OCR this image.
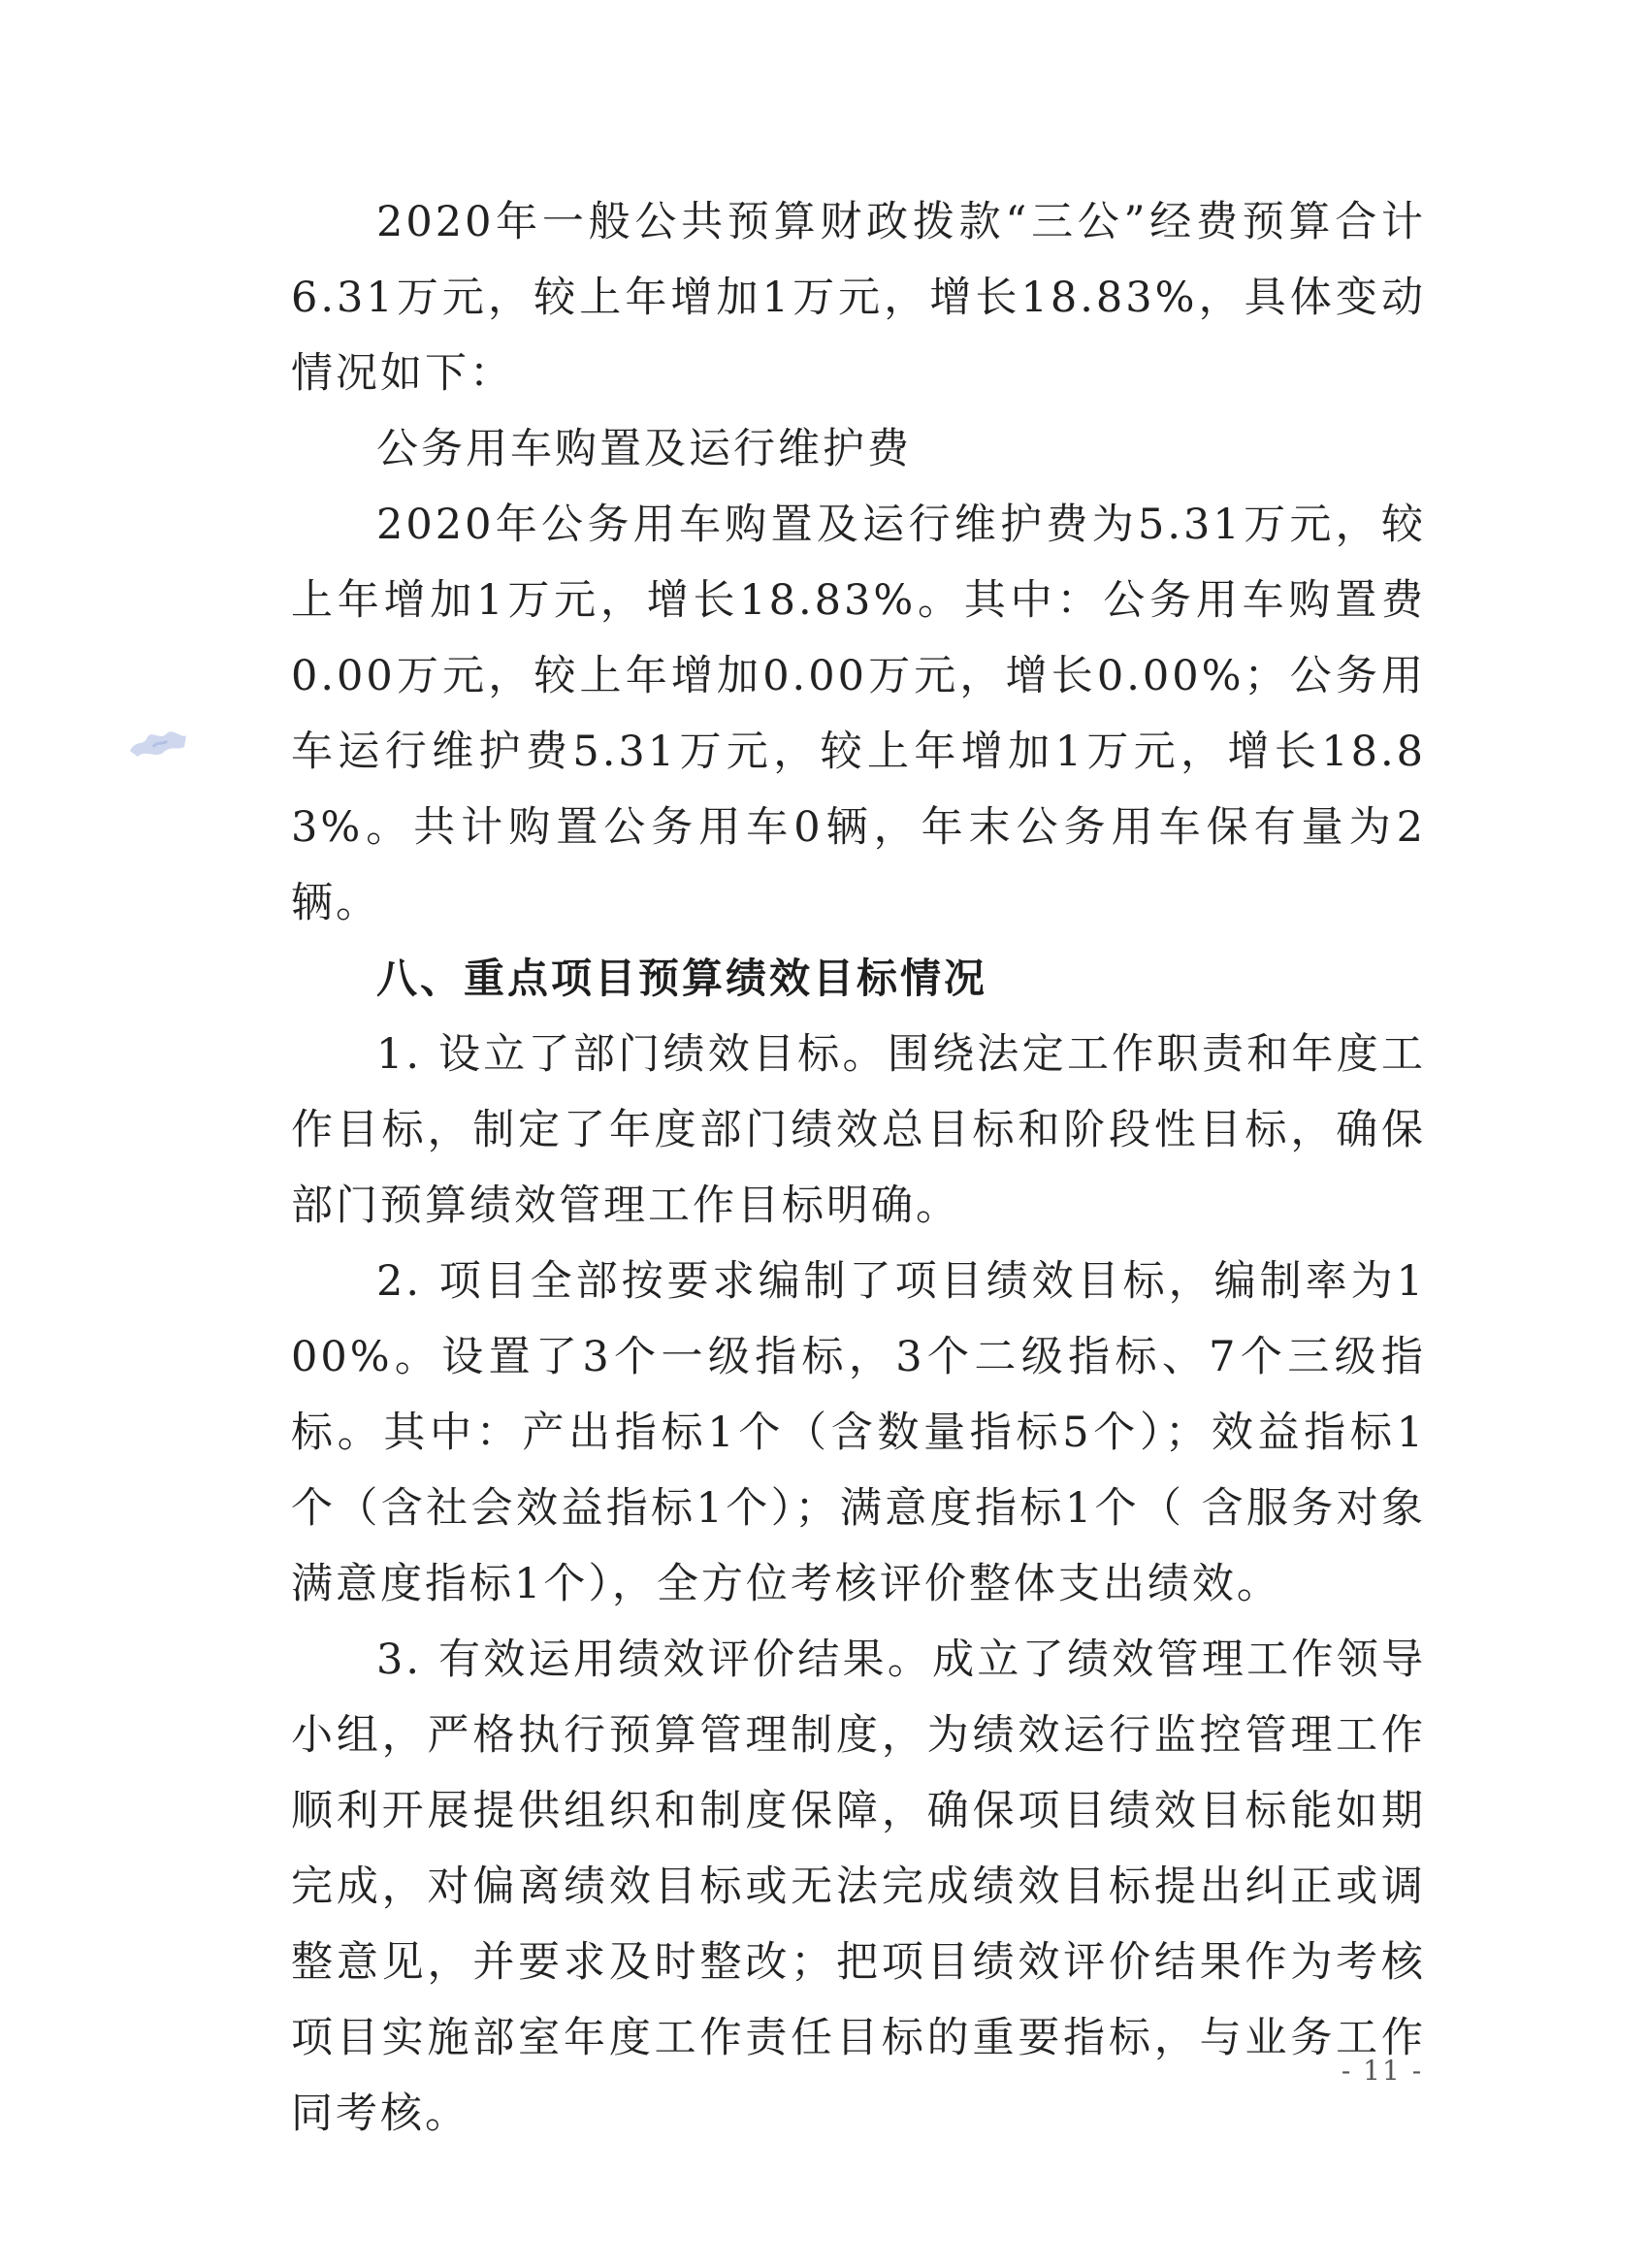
2020年一般公共预算财政拨款“三公”经费预算合计6.31万元，较上年增加1万元，增长18.83%，具体变动情况如下：

公务用车购置及运行维护费

2020年公务用车购置及运行维护费为5.31万元，较上年增加1万元，增长18.83%。其中：公务用车购置费0.00万元，较上年增加0.00万元，增长0.00%；公务用车运行维护费5.31万元，较上年增加1万元，增长18.83%。共计购置公务用车0辆，年末公务用车保有量为2辆。

八、重点项目预算绩效目标情况

1. 设立了部门绩效目标。围绕法定工作职责和年度工作目标，制定了年度部门绩效总目标和阶段性目标，确保部门预算绩效管理工作目标明确。

2. 项目全部按要求编制了项目绩效目标，编制率为100%。设置了3个一级指标，3个二级指标、7个三级指标。其中：产出指标1个（含数量指标5个）；效益指标1个（含社会效益指标1个）；满意度指标1个（ 含服务对象满意度指标1个），全方位考核评价整体支出绩效。

3. 有效运用绩效评价结果。成立了绩效管理工作领导小组，严格执行预算管理制度，为绩效运行监控管理工作顺利开展提供组织和制度保障，确保项目绩效目标能如期完成，对偏离绩效目标或无法完成绩效目标提出纠正或调整意见，并要求及时整改；把项目绩效评价结果作为考核项目实施部室年度工作责任目标的重要指标，与业务工作同考核。

- 11 -
